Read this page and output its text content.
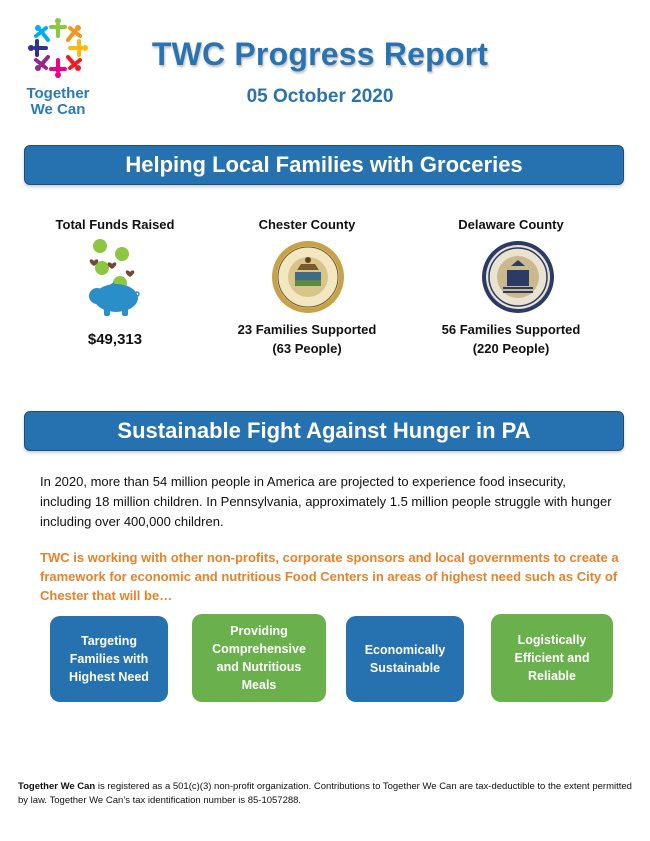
Together
We Can
TWC Progress Report
05 October 2020
Helping Local Families with Groceries
Total Funds Raised	Chester County	Delaware County
$49,313
23 Families Supported
(63 People)
56 Families Supported
(220 People)
Sustainable Fight Against Hunger in PA
In 2020, more than 54 million people in America are projected to experience food insecurity, including 18 million children. In Pennsylvania, approximately 1.5 million people struggle with hunger including over 400,000 children.
TWC is working with other non-profits, corporate sponsors and local governments to create a framework for economic and nutritious Food Centers in areas of highest need such as City of Chester that will be…
Targeting Families with Highest Need
Providing Comprehensive and Nutritious Meals
Economically Sustainable
Logistically Efficient and Reliable
Together We Can is registered as a 501(c)(3) non-profit organization. Contributions to Together We Can are tax-deductible to the extent permitted by law. Together We Can’s tax identification number is 85-1057288.
